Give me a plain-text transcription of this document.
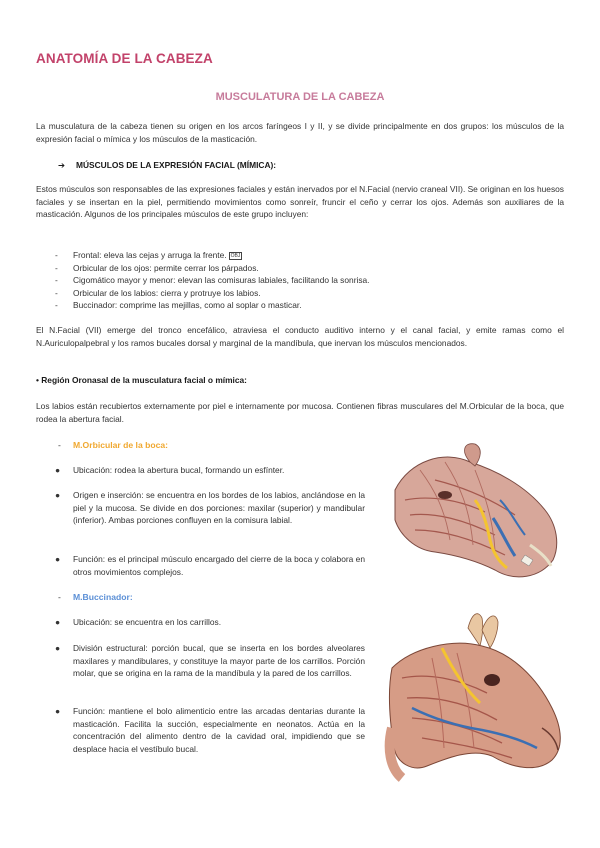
ANATOMÍA DE LA CABEZA
MUSCULATURA DE LA CABEZA
La musculatura de la cabeza tienen su origen en los arcos faríngeos I y II, y se divide principalmente en dos grupos: los músculos de la expresión facial o mímica y los músculos de la masticación.
➔ MÚSCULOS DE LA EXPRESIÓN FACIAL (MÍMICA):
Estos músculos son responsables de las expresiones faciales y están inervados por el N.Facial (nervio craneal VII). Se originan en los huesos faciales y se insertan en la piel, permitiendo movimientos como sonreír, fruncir el ceño y cerrar los ojos. Además son auxiliares de la masticación. Algunos de los principales músculos de este grupo incluyen:
- Frontal: eleva las cejas y arruga la frente. OBJ
- Orbicular de los ojos: permite cerrar los párpados.
- Cigomático mayor y menor: elevan las comisuras labiales, facilitando la sonrisa.
- Orbicular de los labios: cierra y protruye los labios.
- Buccinador: comprime las mejillas, como al soplar o masticar.
El N.Facial (VII) emerge del tronco encefálico, atraviesa el conducto auditivo interno y el canal facial, y emite ramas como el N.Auriculopalpebral y los ramos bucales dorsal y marginal de la mandíbula, que inervan los músculos mencionados.
• Región Oronasal de la musculatura facial o mímica:
Los labios están recubiertos externamente por piel e internamente por mucosa. Contienen fibras musculares del M.Orbicular de la boca, que rodea la abertura facial.
- M.Orbicular de la boca:
● Ubicación: rodea la abertura bucal, formando un esfínter.
● Origen e inserción: se encuentra en los bordes de los labios, anclándose en la piel y la mucosa. Se divide en dos porciones: maxilar (superior) y mandibular (inferior). Ambas porciones confluyen en la comisura labial.
● Función: es el principal músculo encargado del cierre de la boca y colabora en otros movimientos complejos.
- M.Buccinador:
● Ubicación: se encuentra en los carrillos.
● División estructural: porción bucal, que se inserta en los bordes alveolares maxilares y mandibulares, y constituye la mayor parte de los carrillos. Porción molar, que se origina en la rama de la mandíbula y la pared de los carrillos.
● Función: mantiene el bolo alimenticio entre las arcadas dentarias durante la masticación. Facilita la succión, especialmente en neonatos. Actúa en la concentración del alimento dentro de la cavidad oral, impidiendo que se desplace hacia el vestíbulo bucal.
